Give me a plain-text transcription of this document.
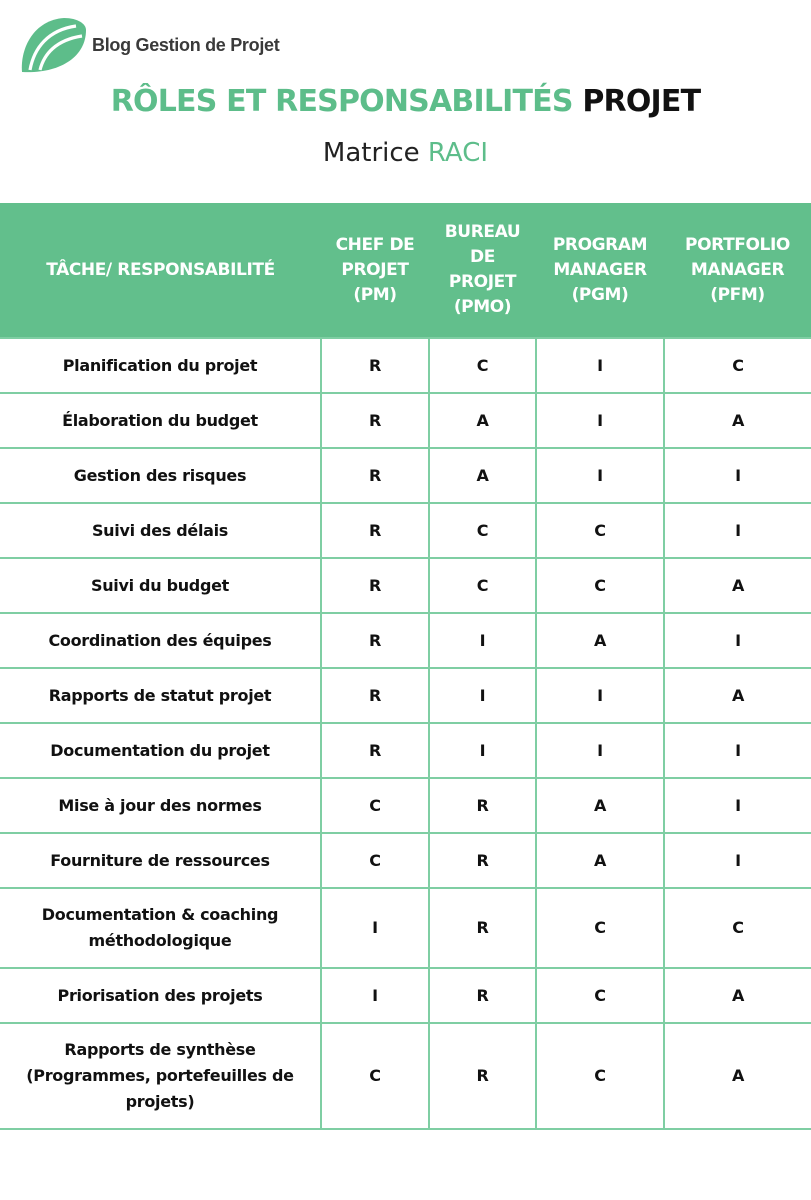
Blog Gestion de Projet
RÔLES ET RESPONSABILITÉS PROJET
Matrice RACI
TÂCHE/ RESPONSABILITÉ	CHEF DE PROJET (PM)	BUREAU DE PROJET (PMO)	PROGRAM MANAGER (PGM)	PORTFOLIO MANAGER (PFM)
Planification du projet	R	C	I	C
Élaboration du budget	R	A	I	A
Gestion des risques	R	A	I	I
Suivi des délais	R	C	C	I
Suivi du budget	R	C	C	A
Coordination des équipes	R	I	A	I
Rapports de statut projet	R	I	I	A
Documentation du projet	R	I	I	I
Mise à jour des normes	C	R	A	I
Fourniture de ressources	C	R	A	I
Documentation & coaching méthodologique	I	R	C	C
Priorisation des projets	I	R	C	A
Rapports de synthèse (Programmes, portefeuilles de projets)	C	R	C	A
